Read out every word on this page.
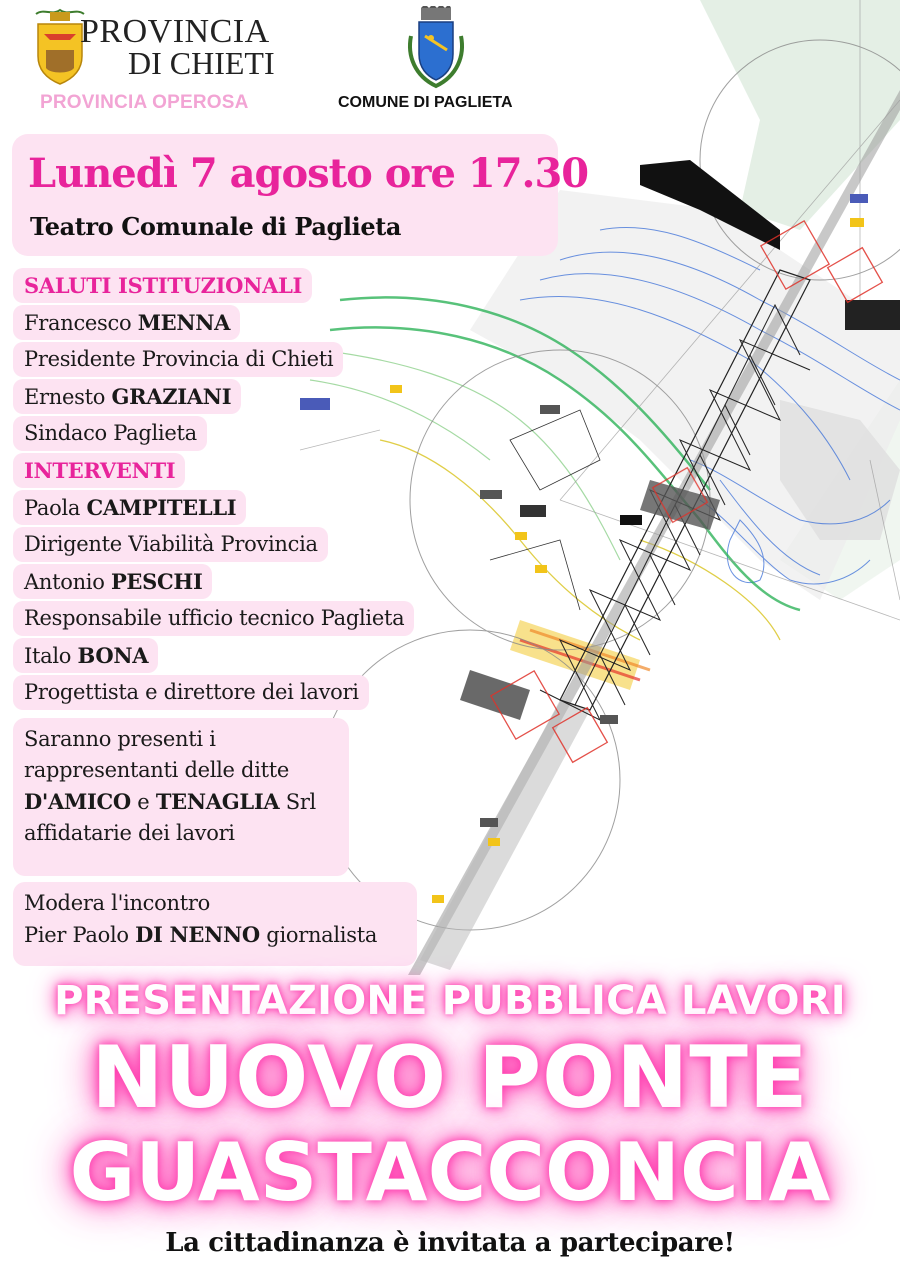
PROVINCIA
DI CHIETI
PROVINCIA OPEROSA	COMUNE DI PAGLIETA
Lunedì 7 agosto ore 17.30
Teatro Comunale di Paglieta
SALUTI ISTITUZIONALI
Francesco MENNA
Presidente Provincia di Chieti
Ernesto GRAZIANI
Sindaco Paglieta
INTERVENTI
Paola CAMPITELLI
Dirigente Viabilità Provincia
Antonio PESCHI
Responsabile ufficio tecnico Paglieta
Italo BONA
Progettista e direttore dei lavori
Saranno presenti i
rappresentanti delle ditte
D'AMICO e TENAGLIA Srl
affidatarie dei lavori
Modera l'incontro
Pier Paolo DI NENNO giornalista
PRESENTAZIONE PUBBLICA LAVORI
NUOVO PONTE
GUASTACCONCIA
La cittadinanza è invitata a partecipare!
